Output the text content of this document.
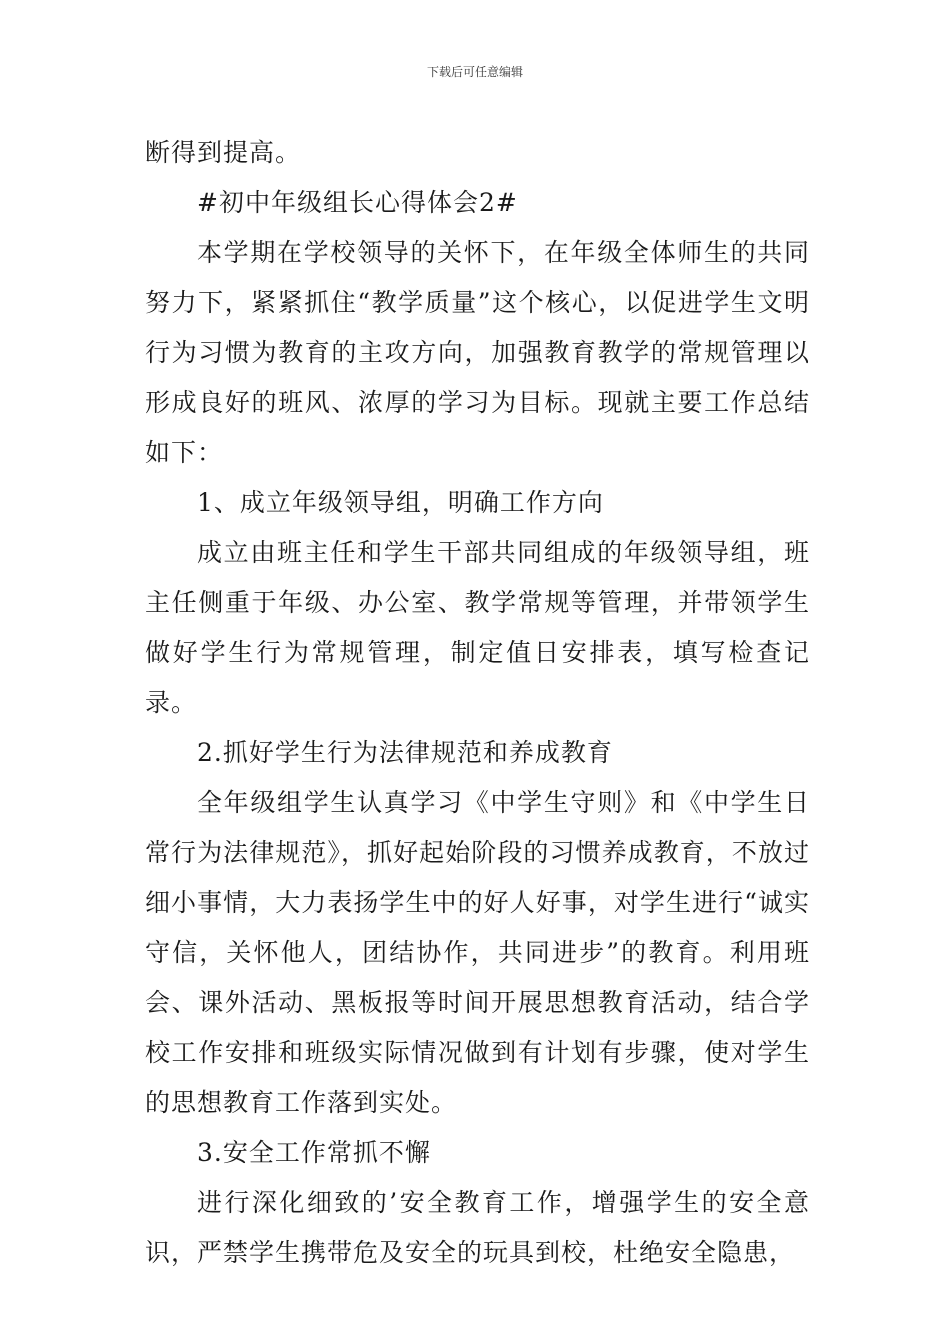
下载后可任意编辑

断得到提高。

#初中年级组长心得体会2#

本学期在学校领导的关怀下，在年级全体师生的共同努力下，紧紧抓住“教学质量”这个核心，以促进学生文明行为习惯为教育的主攻方向，加强教育教学的常规管理以形成良好的班风、浓厚的学习为目标。现就主要工作总结如下：

1、成立年级领导组，明确工作方向

成立由班主任和学生干部共同组成的年级领导组，班主任侧重于年级、办公室、教学常规等管理，并带领学生做好学生行为常规管理，制定值日安排表，填写检查记录。

2.抓好学生行为法律规范和养成教育

全年级组学生认真学习《中学生守则》和《中学生日常行为法律规范》，抓好起始阶段的习惯养成教育，不放过细小事情，大力表扬学生中的好人好事，对学生进行“诚实守信，关怀他人，团结协作，共同进步”的教育。利用班会、课外活动、黑板报等时间开展思想教育活动，结合学校工作安排和班级实际情况做到有计划有步骤，使对学生的思想教育工作落到实处。

3.安全工作常抓不懈

进行深化细致的’安全教育工作，增强学生的安全意识，严禁学生携带危及安全的玩具到校，杜绝安全隐患，
